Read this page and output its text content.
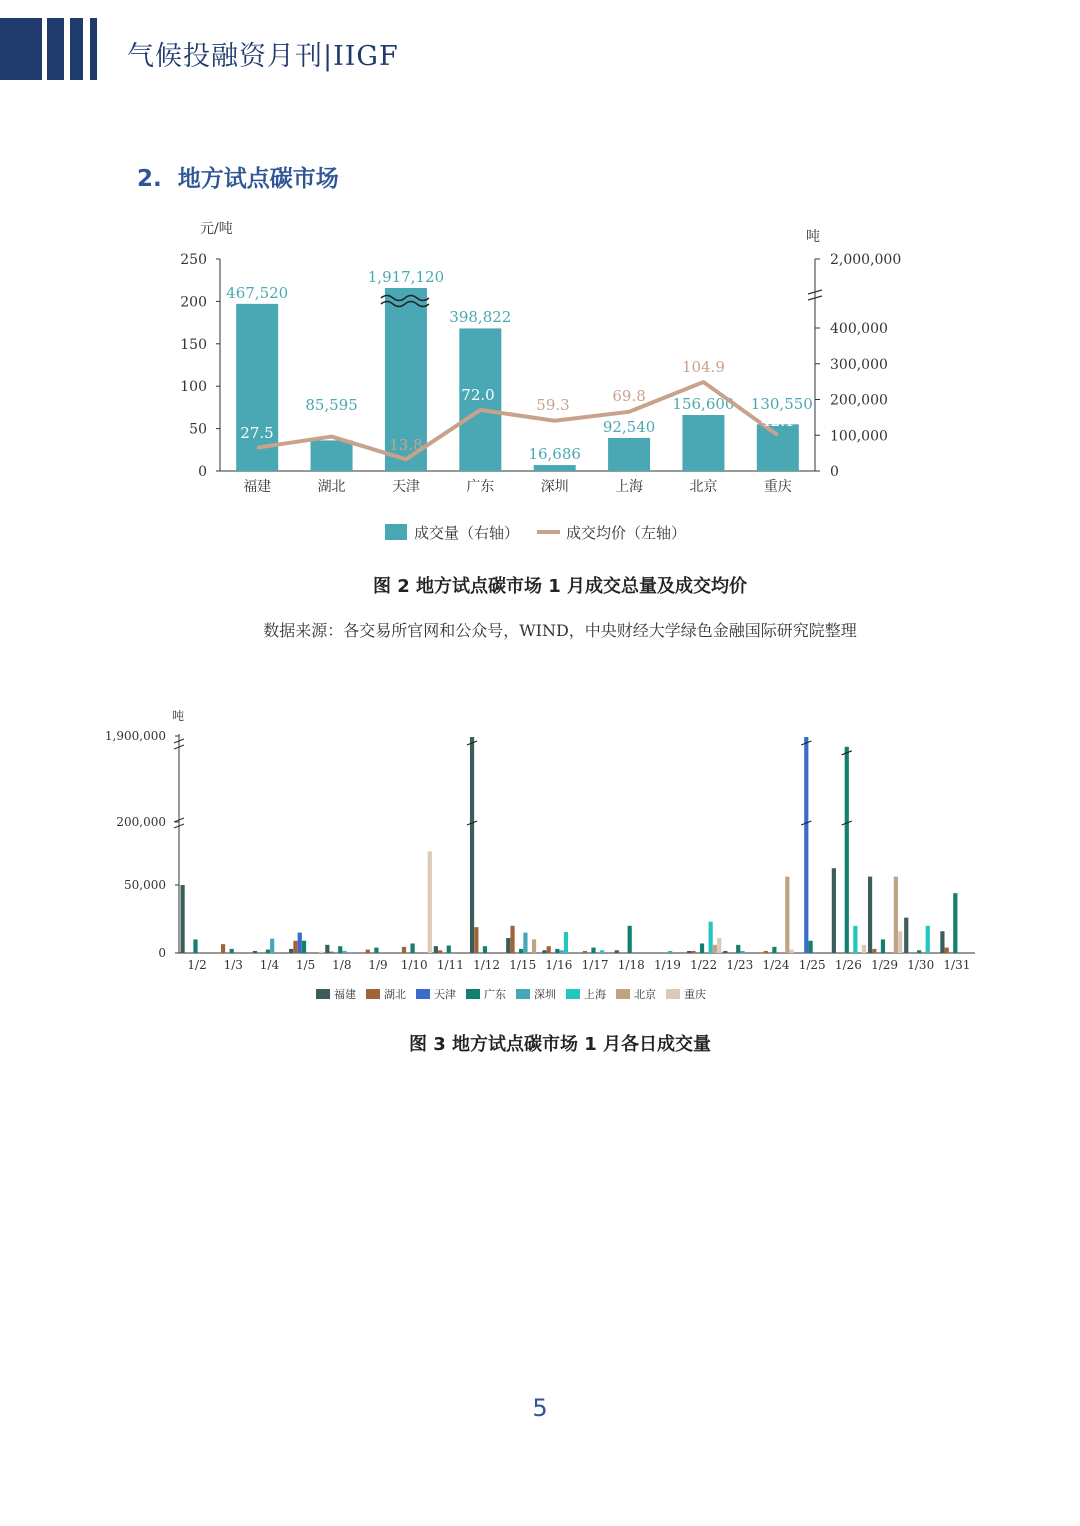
气候投融资月刊|IIGF
2. 地方试点碳市场
0
50
100
150
200
250
0
100,000
200,000
300,000
400,000
2,000,000
元/吨	吨
福建	湖北	天津	广东	深圳	上海	北京	重庆
467,520
85,595
1,917,120
398,822
16,686
92,540
156,600 130,550
27.5
40.6
13.8
72.0
59.3	69.8
104.9
42.1
成交量（右轴）	成交均价（左轴）
图 2 地方试点碳市场 1 月成交总量及成交均价
数据来源：各交易所官网和公众号，WIND，中央财经大学绿色金融国际研究院整理
0
50,000
200,000
1,900,000
吨
1/2 1/3 1/4 1/5 1/8 1/9 1/10 1/11 1/12 1/15 1/16 1/17 1/18 1/19 1/22 1/23 1/24 1/25 1/26 1/29 1/30 1/31
福建	湖北	天津	广东	深圳	上海	北京	重庆
图 3 地方试点碳市场 1 月各日成交量
5
